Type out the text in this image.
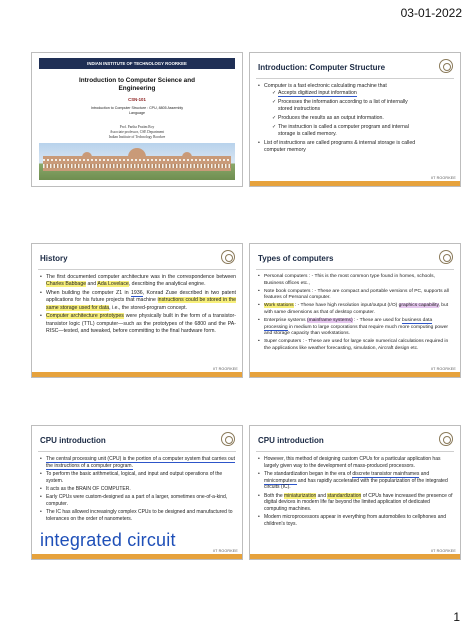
03-01-2022
INDIAN INSTITUTE OF TECHNOLOGY ROORKEE
Introduction to Computer Science and
Engineering
CSN-101
Introduction to Computer Structure : CPU, 8805 Assembly
Language
Prof. Partha Pratim Roy
Associate professor, CSE Department
Indian Institute of Technology Roorkee
Introduction: Computer Structure
• Computer is a fast electronic calculating machine that
✓ Accepts digitized input information
✓ Processes the information according to a list of internally
stored instructions
✓ Produces the results as an output information.
✓ The instruction is called a computer program and internal
storage is called memory.
• List of instructions are called programs & internal storage is called
computer memory
IIT ROORKEE
History
• The first documented computer architecture was in the correspondence between Charles Babbage and Ada Lovelace, describing the analytical engine.
• When building the computer Z1 in 1936, Konrad Zuse described in two patent applications for his future projects that machine instructions could be stored in the same storage used for data, i.e., the stored-program concept.
• Computer architecture prototypes were physically built in the form of a transistor-transistor logic (TTL) computer—such as the prototypes of the 6800 and the PA-RISC—tested, and tweaked, before committing to the final hardware form.
IIT ROORKEE
Types of computers
• Personal computers : - This is the most common type found in homes, schools, Business offices etc.,
• Note book computers : - These are compact and portable versions of PC, supports all features of Personal computer.
• Work stations : - These have high resolution input/output (I/O) graphics capability, but with same dimensions as that of desktop computer.
• Enterprise systems (mainframe systems) : - These are used for business data processing in medium to large corporations that require much more computing power and storage capacity than workstations.
• Super computers : - These are used for large scale numerical calculations required in the applications like weather forecasting, simulation, Aircraft design etc.
IIT ROORKEE
CPU introduction
• The central processing unit (CPU) is the portion of a computer system that carries out the instructions of a computer program.
• To perform the basic arithmetical, logical, and input and output operations of the system.
• It acts as the BRAIN OF COMPUTER.
• Early CPUs were custom-designed as a part of a larger, sometimes one-of-a-kind, computer.
• The IC has allowed increasingly complex CPUs to be designed and manufactured to tolerances on the order of nanometers.
integrated circuit
IIT ROORKEE
CPU introduction
• However, this method of designing custom CPUs for a particular application has largely given way to the development of mass-produced processors.
• The standardization began in the era of discrete transistor mainframes and minicomputers and has rapidly accelerated with the popularization of the integrated circuits (IC).
• Both the miniaturization and standardization of CPUs have increased the presence of digital devices in modern life far beyond the limited application of dedicated computing machines.
• Modern microprocessors appear in everything from automobiles to cellphones and children's toys.
IIT ROORKEE
1
